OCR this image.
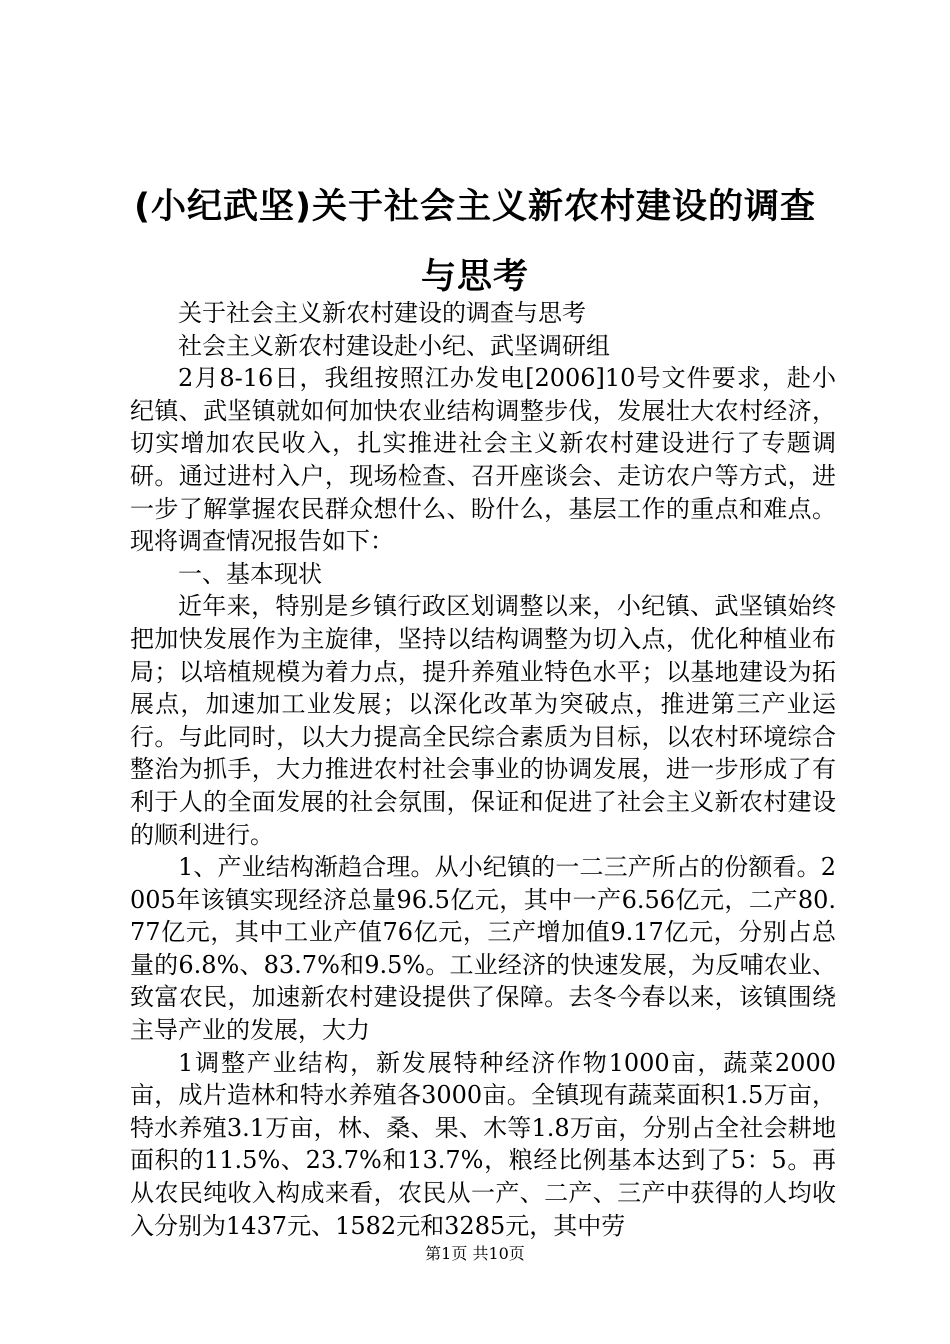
(小纪武坚)关于社会主义新农村建设的调查与思考

关于社会主义新农村建设的调查与思考

社会主义新农村建设赴小纪、武坚调研组

2月8-16日，我组按照江办发电[2006]10号文件要求，赴小纪镇、武坚镇就如何加快农业结构调整步伐，发展壮大农村经济，切实增加农民收入，扎实推进社会主义新农村建设进行了专题调研。通过进村入户，现场检查、召开座谈会、走访农户等方式，进一步了解掌握农民群众想什么、盼什么，基层工作的重点和难点。现将调查情况报告如下：

一、基本现状

近年来，特别是乡镇行政区划调整以来，小纪镇、武坚镇始终把加快发展作为主旋律，坚持以结构调整为切入点，优化种植业布局；以培植规模为着力点，提升养殖业特色水平；以基地建设为拓展点，加速加工业发展；以深化改革为突破点，推进第三产业运行。与此同时，以大力提高全民综合素质为目标，以农村环境综合整治为抓手，大力推进农村社会事业的协调发展，进一步形成了有利于人的全面发展的社会氛围，保证和促进了社会主义新农村建设的顺利进行。

1、产业结构渐趋合理。从小纪镇的一二三产所占的份额看。2005年该镇实现经济总量96.5亿元，其中一产6.56亿元，二产80.77亿元，其中工业产值76亿元，三产增加值9.17亿元，分别占总量的6.8%、83.7%和9.5%。工业经济的快速发展，为反哺农业、致富农民，加速新农村建设提供了保障。去冬今春以来，该镇围绕主导产业的发展，大力

1调整产业结构，新发展特种经济作物1000亩，蔬菜2000亩，成片造林和特水养殖各3000亩。全镇现有蔬菜面积1.5万亩，特水养殖3.1万亩，林、桑、果、木等1.8万亩，分别占全社会耕地面积的11.5%、23.7%和13.7%，粮经比例基本达到了5：5。再从农民纯收入构成来看，农民从一产、二产、三产中获得的人均收入分别为1437元、1582元和3285元，其中劳

第1页 共10页
